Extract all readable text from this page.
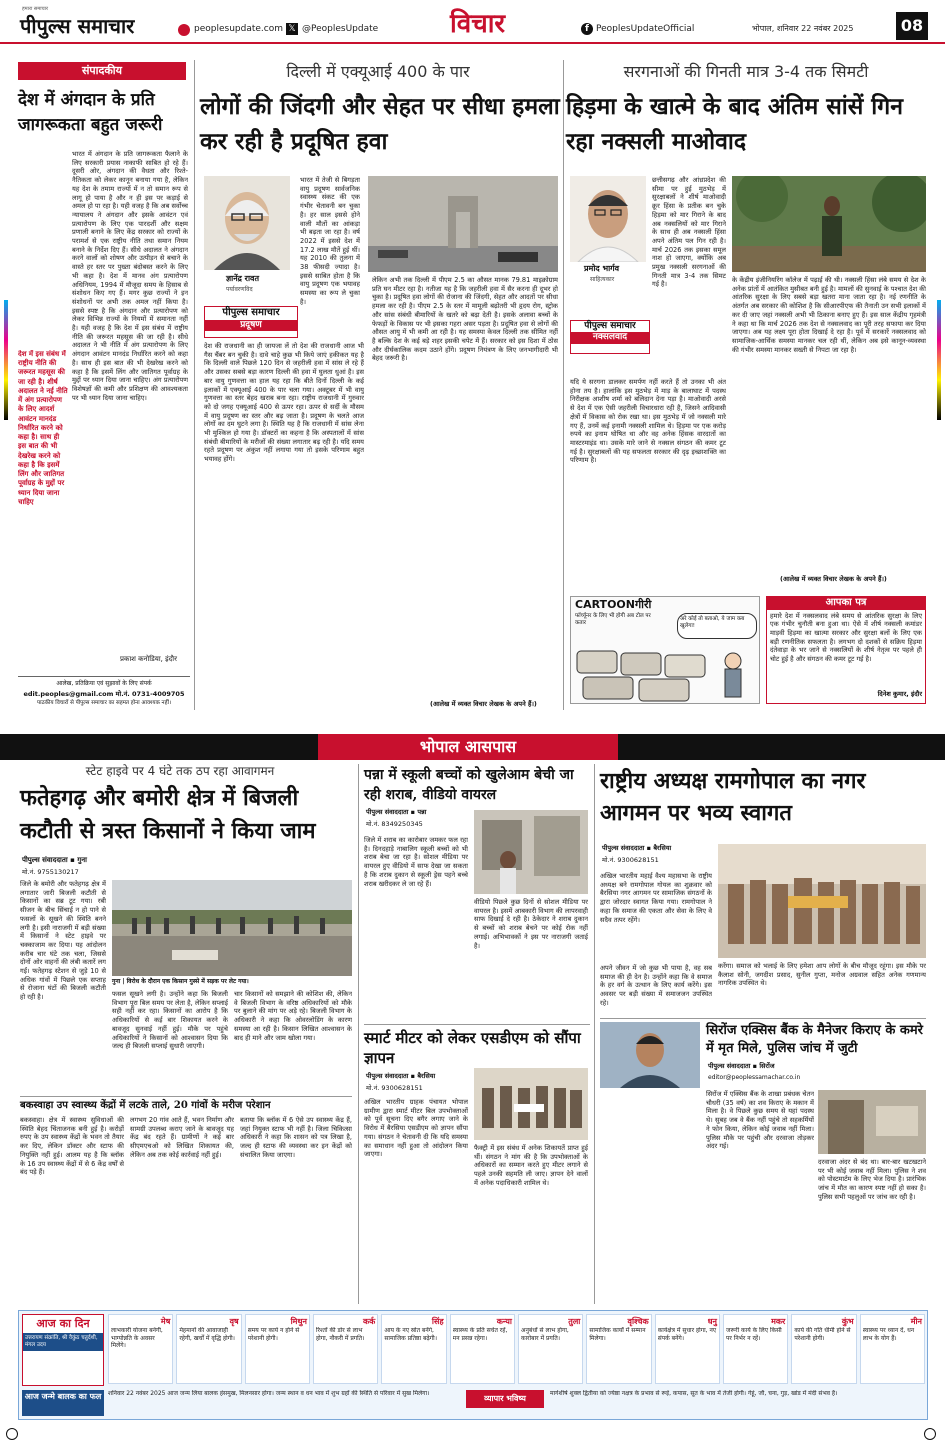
पीपुल्स समाचार
हमारा समाचार
peoplesupdate.com 𝕏 @PeoplesUpdate	विचार	f PeoplesUpdateOfficial	भोपाल, शनिवार 22 नवंबर 2025	08
संपादकीय
देश में अंगदान के प्रति जागरूकता बहुत जरूरी
भारत में अंगदान के प्रति जागरूकता फैलाने के लिए सरकारी प्रयास नाकाफी साबित हो रहे हैं। दूसरी ओर, अंगदान की वैधता और रिश्ते-नैतिकता को लेकर कानून बनाया गया है, लेकिन यह देश के तमाम राज्यों में न तो समान रूप से लागू हो पाया है और न ही इस पर कड़ाई से अमल हो पा रहा है। यही वजह है कि अब सर्वोच्च न्यायालय ने अंगदान और इसके आवंटन एवं प्रत्यारोपण के लिए एक पारदर्शी और सक्षम प्रणाली बनाने के लिए केंद्र सरकार को राज्यों के परामर्श से एक राष्ट्रीय नीति तथा समान नियम बनाने के निर्देश दिए हैं। सीधे अदालत ने अंगदान करने वालों को शोषण और उत्पीड़न से बचाने के वास्ते हर स्तर पर पुख्ता बंदोबस्त करने के लिए भी कहा है। देश में मानव अंग प्रत्यारोपण अधिनियम, 1994 में मौजूदा समय के हिसाब से संशोधन किए गए हैं। मगर कुछ राज्यों ने इन संशोधनों पर अभी तक अमल नहीं किया है। इससे स्पष्ट है कि अंगदान और प्रत्यारोपण को लेकर विभिन्न राज्यों के नियमों में समानता नहीं है। यही वजह है कि देश में इस संबंध में राष्ट्रीय नीति की जरूरत महसूस की जा रही है। सीधे अदालत ने भी नीति में अंग प्रत्यारोपण के लिए अंगदान आवंटन मानदंड निर्धारित करने को कहा है। साथ ही इस बात की भी देखरेख करने को कहा है कि इसमें लिंग और जातिगत पूर्वाग्रह के मुद्दों पर ध्यान दिया जाना चाहिए। अंग प्रत्यारोपण विशेषज्ञों की कमी और प्रशिक्षण की आवश्यकता पर भी ध्यान दिया जाना चाहिए।
देश में इस संबंध में राष्ट्रीय नीति की जरूरत महसूस की जा रही है। शीर्ष अदालत ने नई नीति में अंग प्रत्यारोपण के लिए आदर्श आवंटन मानदंड निर्धारित करने को कहा है। साथ ही इस बात की भी देखरेख करने को कहा है कि इसमें लिंग और जातिगत पूर्वाग्रह के मुद्दों पर ध्यान दिया जाना चाहिए
प्रकाश कनोडिया, इंदौर
आलेख, प्रतिक्रिया एवं सुझावों के लिए संपर्क
edit.peoples@gmail.com मो.नं. 0731-4009705
पाठकीय विचारों से पीपुल्स समाचार का सहमत होना आवश्यक नहीं।
दिल्ली में एक्यूआई 400 के पार
लोगों की जिंदगी और सेहत पर सीधा हमला कर रही है प्रदूषित हवा
ज्ञानेंद्र रावत
पर्यावरणविद
भारत में तेजी से बिगड़ता वायु प्रदूषण सार्वजनिक स्वास्थ्य संकट की एक गंभीर चेतावनी बन चुका है। हर साल इससे होने वाली मौतों का आंकड़ा भी बढ़ता जा रहा है। वर्ष 2022 में इससे देश में 17.2 लाख मौतें हुई थीं। यह 2010 की तुलना में 38 फीसदी ज्यादा है। इससे साबित होता है कि वायु प्रदूषण एक भयावह समस्या का रूप ले चुका है।
पीपुल्स समाचार
प्रदूषण
देश की राजधानी का ही जायजा लें तो देश की राजधानी आज भी गैस चैंबर बन चुकी है। दावे चाहे कुछ भी किये जाएं हकीकत यह है कि दिल्ली वाले पिछले 120 दिन से जहरीली हवा में सांस ले रहे हैं और उसका सबसे बड़ा कारण दिल्ली की हवा में घुलता धुआं है। इस बार वायु गुणवत्ता का हाल यह रहा कि बीते दिनों दिल्ली के कई इलाकों में एक्यूआई 400 के पार चला गया। अक्टूबर में भी वायु गुणवत्ता का स्तर बेहद खराब बना रहा। राष्ट्रीय राजधानी में गुरुवार को दो जगह एक्यूआई 400 से ऊपर रहा। ऊपर से सर्दी के मौसम में वायु प्रदूषण का स्तर और बढ़ जाता है। प्रदूषण के चलते आज लोगों का दम घुटने लगा है। स्थिति यह है कि राजधानी में सांस लेना भी मुश्किल हो गया है। डॉक्टरों का कहना है कि अस्पतालों में सांस संबंधी बीमारियों के मरीजों की संख्या लगातार बढ़ रही है। यदि समय रहते प्रदूषण पर अंकुश नहीं लगाया गया तो इसके परिणाम बहुत भयावह होंगे।
लेकिन अभी तक दिल्ली में पीएम 2.5 का औसत मानक 79.81 माइक्रोग्राम प्रति घन मीटर रहा है। नतीजा यह है कि जहरीली हवा में सैर करना ही दूभर हो चुका है। प्रदूषित हवा लोगों की रोजाना की जिंदगी, सेहत और आदतों पर सीधा हमला कर रही है। पीएम 2.5 के स्तर में मामूली बढ़ोतरी भी हृदय रोग, स्ट्रोक और सांस संबंधी बीमारियों के खतरे को बढ़ा देती है। इसके अलावा बच्चों के फेफड़ों के विकास पर भी इसका गहरा असर पड़ता है। प्रदूषित हवा से लोगों की औसत आयु में भी कमी आ रही है। यह समस्या केवल दिल्ली तक सीमित नहीं है बल्कि देश के कई बड़े शहर इसकी चपेट में हैं। सरकार को इस दिशा में ठोस और दीर्घकालिक कदम उठाने होंगे। प्रदूषण नियंत्रण के लिए जनभागीदारी भी बेहद जरूरी है।
(आलेख में व्यक्त विचार लेखक के अपने हैं।)
सरगनाओं की गिनती मात्र 3-4 तक सिमटी
हिड़मा के खात्मे के बाद अंतिम सांसें गिन रहा नक्सली माओवाद
प्रमोद भार्गव
साहित्यकार
छत्तीसगढ़ और आंध्रप्रदेश की सीमा पर हुई मुठभेड़ में सुरक्षाबलों ने शीर्ष माओवादी क्रूर हिंसा के प्रतीक बन चुके हिड़मा को मार गिराने के बाद अब नक्सलियों को मार गिराने के साथ ही अब नक्सली हिंसा अपने अंतिम पल गिन रही है। मार्च 2026 तक इसका समूल नाश हो जाएगा, क्योंकि अब प्रमुख नक्सली सरगनाओं की गिनती मात्र 3-4 तक सिमट गई है।
पीपुल्स समाचार
नक्सलवाद
यदि ये सरगना डालकर समर्पण नहीं करते हैं तो उनका भी अंत होना तय है। हालांकि इस मुठभेड़ में माड़ के बालाघाट में पदस्थ निरीक्षक आशीष शर्मा को बलिदान देना पड़ा है। माओवादी अरसे से देश में एक ऐसी जहरीली विचारधारा रही है, जिसने आदिवासी क्षेत्रों में विकास को रोक रखा था। इस मुठभेड़ में जो नक्सली मारे गए हैं, उनमें कई इनामी नक्सली शामिल थे। हिड़मा पर एक करोड़ रुपये का इनाम घोषित था और वह अनेक हिंसक वारदातों का मास्टरमाइंड था। उसके मारे जाने से नक्सल संगठन की कमर टूट गई है। सुरक्षाबलों की यह सफलता सरकार की दृढ़ इच्छाशक्ति का परिणाम है।
के केंद्रीय इंजीनियरिंग कॉलेज में पढ़ाई की थी। नक्सली हिंसा लंबे समय से देश के अनेक प्रांतों में आतंकित मुसीबत बनी हुई है। मामलों की सुनवाई के पश्चात देश की आंतरिक सुरक्षा के लिए सबसे बड़ा खतरा माना जाता रहा है। नई रणनीति के अंतर्गत अब सरकार की कोशिश है कि सीआरपीएफ की तैनाती उन सभी इलाकों में कर दी जाए जहां नक्सली अभी भी ठिकाना बनाए हुए हैं। इस साल केंद्रीय गृहमंत्री ने कहा था कि मार्च 2026 तक देश से नक्सलवाद का पूरी तरह सफाया कर दिया जाएगा। अब यह लक्ष्य पूरा होता दिखाई दे रहा है। पूर्व में सरकारें नक्सलवाद को सामाजिक-आर्थिक समस्या मानकर चल रही थीं, लेकिन अब इसे कानून-व्यवस्था की गंभीर समस्या मानकर सख्ती से निपटा जा रहा है।
(आलेख में व्यक्त विचार लेखक के अपने हैं।)
CARTOONगीरी
फॉर्च्यूनर के लिए भी होगी अब टोल पर कतार
अरे कोई तो बताओ, ये जाम कब खुलेगा!
आपका पत्र
हमारे देश में नक्सलवाद लंबे समय से आंतरिक सुरक्षा के लिए एक गंभीर चुनौती बना हुआ था। ऐसे में शीर्ष नक्सली कमांडर माड़वी हिड़मा का खात्मा सरकार और सुरक्षा बलों के लिए एक बड़ी रणनीतिक सफलता है। लगभग दो दशकों से सक्रिय हिड़मा दंतेवाड़ा के भर जाने से नक्सलियों के शीर्ष नेतृत्व पर पहले ही चोट हुई है और संगठन की कमर टूट गई है।
दिनेश कुमार, इंदौर
भोपाल आसपास
स्टेट हाइवे पर 4 घंटे तक ठप रहा आवागमन
फतेहगढ़ और बमोरी क्षेत्र में बिजली कटौती से त्रस्त किसानों ने किया जाम
पीपुल्स संवाददाता ▪ गुना
मो.नं. 9755130217
जिले के बमोरी और फतेहगढ़ क्षेत्र में लगातार जारी बिजली कटौती से किसानों का सब्र टूट गया। रबी सीजन के बीच सिंचाई न हो पाने से फसलों के सूखने की स्थिति बनने लगी है। इसी नाराजगी में बड़ी संख्या में किसानों ने स्टेट हाइवे पर चक्काजाम कर दिया। यह आंदोलन करीब चार घंटे तक चला, जिससे दोनों ओर वाहनों की लंबी कतारें लग गईं। फतेहगढ़ स्टेशन से जुड़े 10 से अधिक गांवों में पिछले एक सप्ताह से रोजाना घंटों की बिजली कटौती हो रही है।
गुना | विरोध के दौरान एक किसान गुस्से में सड़क पर लेट गया।
फसल सूखने लगी है। उन्होंने कहा कि बिजली विभाग पूरा बिल समय पर लेता है, लेकिन सप्लाई सही नहीं कर रहा। किसानों का आरोप है कि अधिकारियों से कई बार शिकायत करने के बावजूद सुनवाई नहीं हुई। मौके पर पहुंचे अधिकारियों ने किसानों को आश्वासन दिया कि जल्द ही बिजली सप्लाई सुधारी जाएगी।
चार किसानों को समझाने की कोशिश की, लेकिन वे बिजली विभाग के वरिष्ठ अधिकारियों को मौके पर बुलाने की मांग पर अड़े रहे। बिजली विभाग के अधिकारी ने कहा कि ओवरलोडिंग के कारण समस्या आ रही है। किसान लिखित आश्वासन के बाद ही माने और जाम खोला गया।
बकस्वाहा उप स्वास्थ्य केंद्रों में लटके ताले, 20 गांवों के मरीज परेशान
बकस्वाहा। क्षेत्र में स्वास्थ्य सुविधाओं की स्थिति बेहद चिंताजनक बनी हुई है। करोड़ों रुपए के उप स्वास्थ्य केंद्रों के भवन तो तैयार कर दिए, लेकिन डॉक्टर और स्टाफ की नियुक्ति नहीं हुई। आलम यह है कि ब्लॉक के 16 उप स्वास्थ्य केंद्रों में से 6 केंद्र वर्षों से बंद पड़े हैं।
लगभग 20 गांव आते हैं, भवन निर्माण और सामग्री उपलब्ध कराए जाने के बावजूद यह केंद्र बंद रहते हैं। ग्रामीणों ने कई बार सीएमएचओ को लिखित शिकायत की, लेकिन अब तक कोई कार्रवाई नहीं हुई।
बताया कि ब्लॉक में 6 ऐसे उप स्वास्थ्य केंद्र हैं, जहां नियुक्त स्टाफ भी नहीं है। जिला चिकित्सा अधिकारी ने कहा कि शासन को पत्र लिखा है, जल्द ही स्टाफ की व्यवस्था कर इन केंद्रों को संचालित किया जाएगा।
पन्ना में स्कूली बच्चों को खुलेआम बेची जा रही शराब, वीडियो वायरल
पीपुल्स संवाददाता ▪ पन्ना
मो.नं. 8349250345
जिले में शराब का कारोबार जमकर फल रहा है। दिनदहाड़े नाबालिग स्कूली बच्चों को भी शराब बेचा जा रहा है। सोशल मीडिया पर वायरल हुए वीडियो में साफ देखा जा सकता है कि शराब दुकान से स्कूली ड्रेस पहने बच्चे शराब खरीदकर ले जा रहे हैं।
वीडियो पिछले कुछ दिनों से सोशल मीडिया पर वायरल है। इसमें आबकारी विभाग की लापरवाही साफ दिखाई दे रही है। ठेकेदार ने शराब दुकान से बच्चों को शराब बेचने पर कोई रोक नहीं लगाई। अभिभावकों ने इस पर नाराजगी जताई है।
स्मार्ट मीटर को लेकर एसडीएम को सौंपा ज्ञापन
पीपुल्स संवाददाता ▪ बैरसिया
मो.नं. 9300628151
अखिल भारतीय ग्राहक पंचायत भोपाल ग्रामीण द्वारा स्मार्ट मीटर बिल उपभोक्ताओं को पूर्व सूचना दिए बगैर लगाए जाने के विरोध में बैरसिया एसडीएम को ज्ञापन सौंपा गया। संगठन ने चेतावनी दी कि यदि समस्या का समाधान नहीं हुआ तो आंदोलन किया जाएगा।
फैक्ट्री में इस संबंध में अनेक शिकायतें प्राप्त हुई थीं। संगठन ने मांग की है कि उपभोक्ताओं के अधिकारों का सम्मान करते हुए मीटर लगाने से पहले उनकी सहमति ली जाए। ज्ञापन देने वालों में अनेक पदाधिकारी शामिल थे।
राष्ट्रीय अध्यक्ष रामगोपाल का नगर आगमन पर भव्य स्वागत
पीपुल्स संवाददाता ▪ बैरसिया
मो.नं. 9300628151
अखिल भारतीय महाई वैश्य महासभा के राष्ट्रीय अध्यक्ष बने रामगोपाल गोयल का शुक्रवार को बैरसिया नगर आगमन पर सामाजिक संगठनों के द्वारा जोरदार स्वागत किया गया। रामगोपाल ने कहा कि समाज की एकता और सेवा के लिए वे सदैव तत्पर रहेंगे।
अपने जीवन में जो कुछ भी पाया है, वह सब समाज की ही देन है। उन्होंने कहा कि वे समाज के हर वर्ग के उत्थान के लिए कार्य करेंगे। इस अवसर पर बड़ी संख्या में समाजजन उपस्थित रहे।
करेंगा। समाज को भलाई के लिए हमेशा आप लोगों के बीच मौजूद रहूंगा। इस मौके पर कैलाश सोनी, जगदीश प्रसाद, सुनील गुप्ता, मनोज अग्रवाल सहित अनेक गणमान्य नागरिक उपस्थित थे।
सिरोंज एक्सिस बैंक के मैनेजर किराए के कमरे में मृत मिले, पुलिस जांच में जुटी
पीपुल्स संवाददाता ▪ सिरोंज
editor@peoplessamachar.co.in
सिरोंज में एक्सिस बैंक के शाखा प्रबंधक चेतन चौधरी (35 वर्ष) का शव किराए के मकान में मिला है। वे पिछले कुछ समय से यहां पदस्थ थे। सुबह जब वे बैंक नहीं पहुंचे तो सहकर्मियों ने फोन किया, लेकिन कोई जवाब नहीं मिला। पुलिस मौके पर पहुंची और दरवाजा तोड़कर अंदर गई।
दरवाजा अंदर से बंद था। बार-बार खटखटाने पर भी कोई जवाब नहीं मिला। पुलिस ने शव को पोस्टमार्टम के लिए भेज दिया है। प्रारंभिक जांच में मौत का कारण स्पष्ट नहीं हो सका है। पुलिस सभी पहलुओं पर जांच कर रही है।
आज का दिन
उत्तरायण संक्रांति, श्री वैकुंठ चतुर्दशी, मंगल उदय
आज जन्मे बालक का फल
मेष
लाभकारी योजना बनेगी, भाग्योन्नति के अवसर मिलेंगे।
वृष
मेहमानों की आवाजाही रहेगी, खर्चों में वृद्धि होगी।
मिथुन
समय पर कार्य न होने से परेशानी होगी।
कर्क
रिश्तों की डोर से लाभ होगा, नौकरी में प्रगति।
सिंह
आय के नए स्रोत बनेंगे, सामाजिक प्रतिष्ठा बढ़ेगी।
कन्या
स्वास्थ्य के प्रति सचेत रहें, मन प्रसन्न रहेगा।
तुला
अनुबंधों से लाभ होगा, कारोबार में प्रगति।
वृश्चिक
सामाजिक कार्यों में सम्मान मिलेगा।
धनु
कार्यक्षेत्र में सुधार होगा, नए संपर्क बनेंगे।
मकर
जरूरी कार्य के लिए किसी पर निर्भर न रहें।
कुंभ
कार्य की गति धीमी होने से परेशानी होगी।
मीन
स्वास्थ्य पर ध्यान दें, धन लाभ के योग हैं।
शनिवार 22 नवंबर 2025 आज जन्म लिया बालक हंसमुख, मिलनसार होगा। जन्म स्थान व धन भाव में शुभ ग्रहों की स्थिति से परिवार में सुख मिलेगा।
व्यापार भविष्य
मार्गशीर्ष शुक्ल द्वितीया को ज्येष्ठा नक्षत्र के प्रभाव से रूई, कपास, सूत के भाव में तेजी होगी। गेहूं, जौ, चना, गुड़, खांड में मंदी संभव है।
